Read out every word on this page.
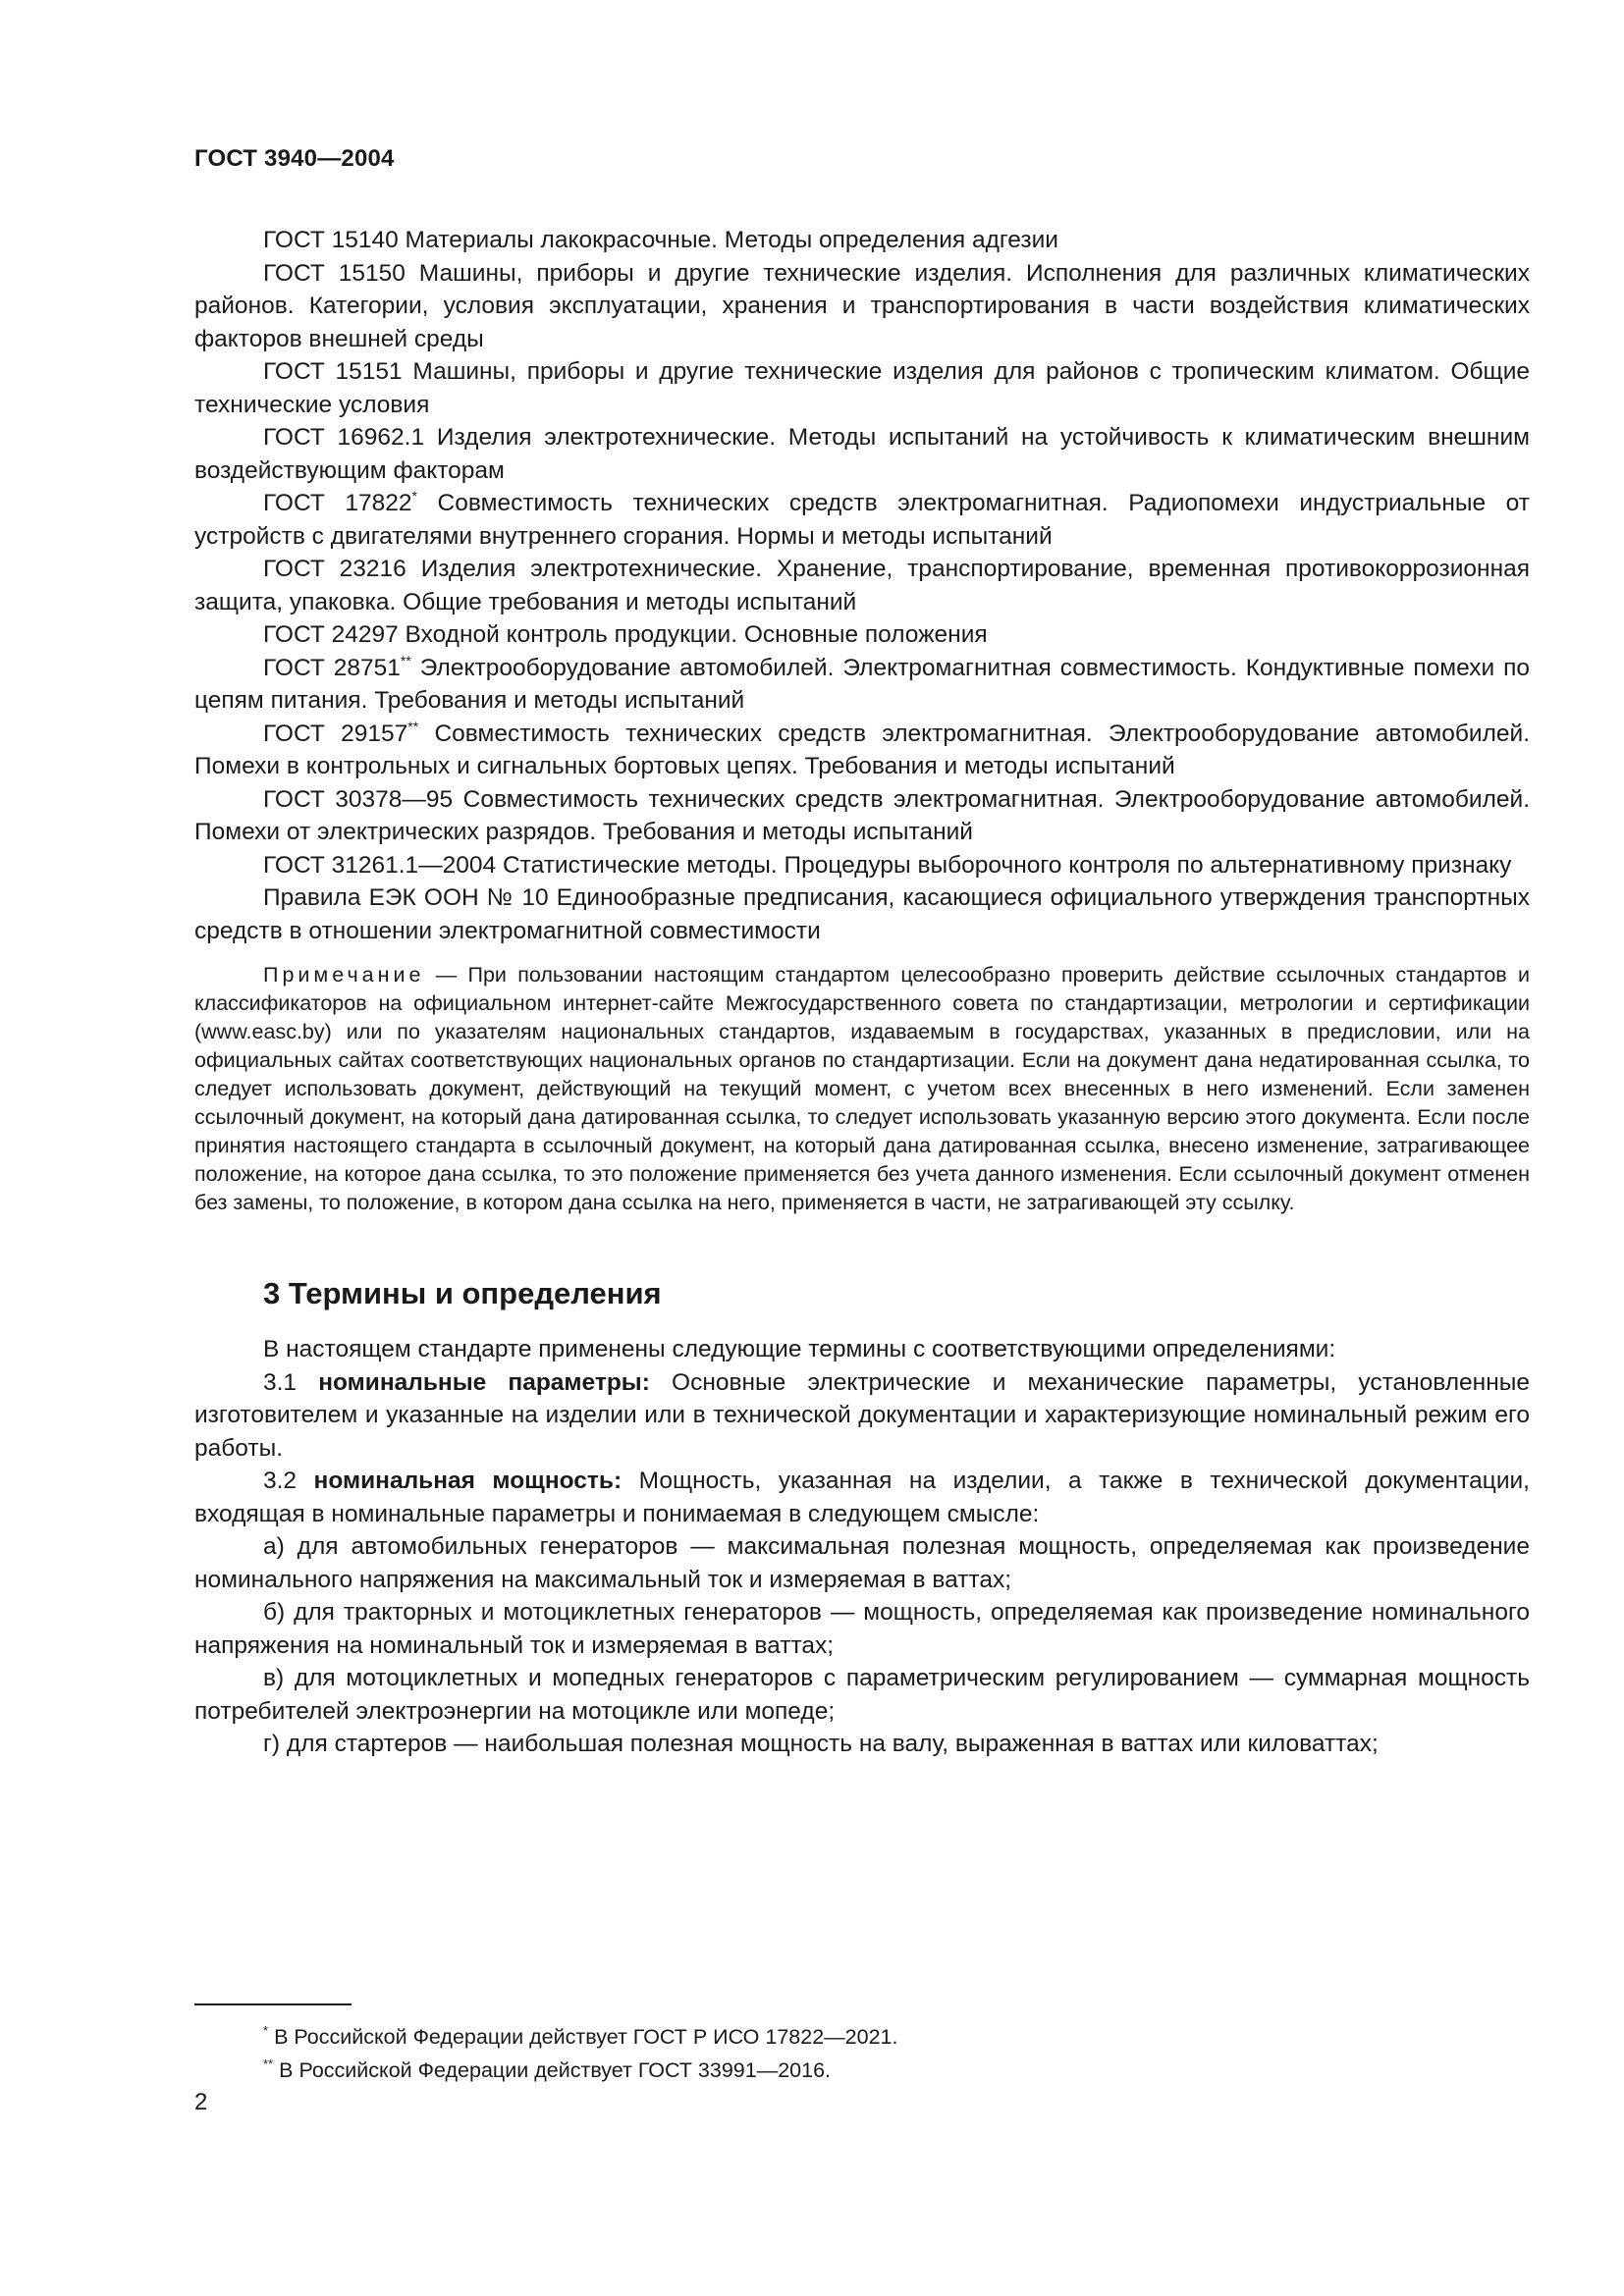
ГОСТ 3940—2004

ГОСТ 15140 Материалы лакокрасочные. Методы определения адгезии

ГОСТ 15150 Машины, приборы и другие технические изделия. Исполнения для различных климатических районов. Категории, условия эксплуатации, хранения и транспортирования в части воздействия климатических факторов внешней среды

ГОСТ 15151 Машины, приборы и другие технические изделия для районов с тропическим климатом. Общие технические условия

ГОСТ 16962.1 Изделия электротехнические. Методы испытаний на устойчивость к климатическим внешним воздействующим факторам

ГОСТ 17822* Совместимость технических средств электромагнитная. Радиопомехи индустриальные от устройств с двигателями внутреннего сгорания. Нормы и методы испытаний

ГОСТ 23216 Изделия электротехнические. Хранение, транспортирование, временная противокоррозионная защита, упаковка. Общие требования и методы испытаний

ГОСТ 24297 Входной контроль продукции. Основные положения

ГОСТ 28751** Электрооборудование автомобилей. Электромагнитная совместимость. Кондуктивные помехи по цепям питания. Требования и методы испытаний

ГОСТ 29157** Совместимость технических средств электромагнитная. Электрооборудование автомобилей. Помехи в контрольных и сигнальных бортовых цепях. Требования и методы испытаний

ГОСТ 30378—95 Совместимость технических средств электромагнитная. Электрооборудование автомобилей. Помехи от электрических разрядов. Требования и методы испытаний

ГОСТ 31261.1—2004 Статистические методы. Процедуры выборочного контроля по альтернативному признаку

Правила ЕЭК ООН № 10 Единообразные предписания, касающиеся официального утверждения транспортных средств в отношении электромагнитной совместимости

Примечание — При пользовании настоящим стандартом целесообразно проверить действие ссылочных стандартов и классификаторов на официальном интернет-сайте Межгосударственного совета по стандартизации, метрологии и сертификации (www.easc.by) или по указателям национальных стандартов, издаваемым в государствах, указанных в предисловии, или на официальных сайтах соответствующих национальных органов по стандартизации. Если на документ дана недатированная ссылка, то следует использовать документ, действующий на текущий момент, с учетом всех внесенных в него изменений. Если заменен ссылочный документ, на который дана датированная ссылка, то следует использовать указанную версию этого документа. Если после принятия настоящего стандарта в ссылочный документ, на который дана датированная ссылка, внесено изменение, затрагивающее положение, на которое дана ссылка, то это положение применяется без учета данного изменения. Если ссылочный документ отменен без замены, то положение, в котором дана ссылка на него, применяется в части, не затрагивающей эту ссылку.

3 Термины и определения

В настоящем стандарте применены следующие термины с соответствующими определениями:

3.1 номинальные параметры: Основные электрические и механические параметры, установленные изготовителем и указанные на изделии или в технической документации и характеризующие номинальный режим его работы.

3.2 номинальная мощность: Мощность, указанная на изделии, а также в технической документации, входящая в номинальные параметры и понимаемая в следующем смысле:

а) для автомобильных генераторов — максимальная полезная мощность, определяемая как произведение номинального напряжения на максимальный ток и измеряемая в ваттах;

б) для тракторных и мотоциклетных генераторов — мощность, определяемая как произведение номинального напряжения на номинальный ток и измеряемая в ваттах;

в) для мотоциклетных и мопедных генераторов с параметрическим регулированием — суммарная мощность потребителей электроэнергии на мотоцикле или мопеде;

г) для стартеров — наибольшая полезная мощность на валу, выраженная в ваттах или киловаттах;

* В Российской Федерации действует ГОСТ Р ИСО 17822—2021.
** В Российской Федерации действует ГОСТ 33991—2016.
2
